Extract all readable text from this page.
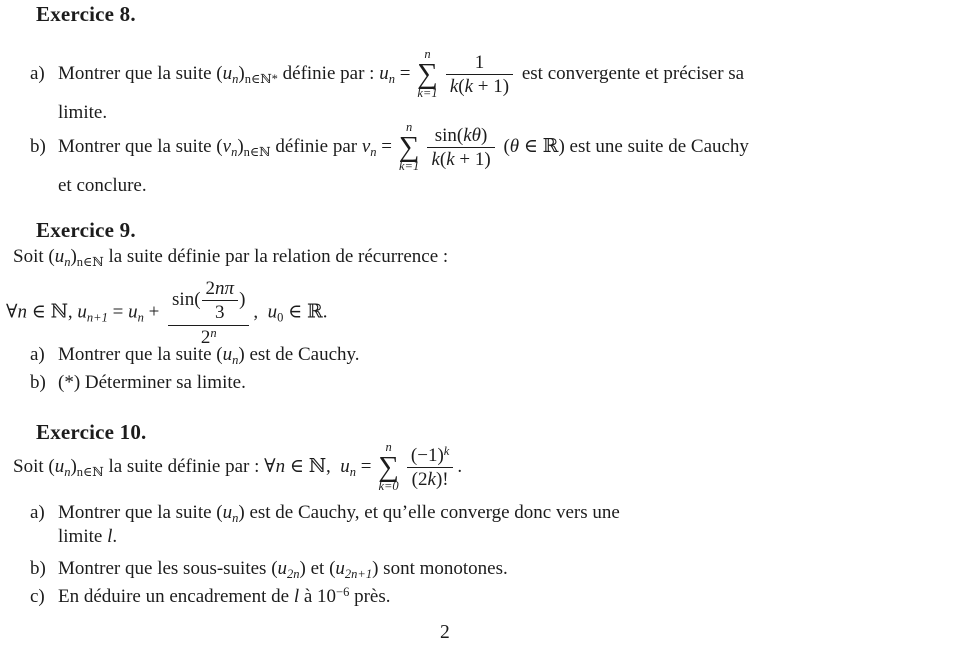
Exercice 8.
a) Montrer que la suite $(u_n)_{n\in ℕ*}$ définie par : $u_n$ =
n
∑
$k=1 \frac{1}{k(k + 1)}$ est convergente et préciser sa
limite.
b) Montrer que la suite $(v_n)_{n\in ℕ}$ définie par $v_n$ =
n
∑
$k=1 \frac{\sin(k\theta)}{k(k + 1)} (\theta$ ∈ ℝ) est une suite de Cauchy
et conclure.
Exercice 9.
Soit $(u_n)_{n\in ℕ}$ la suite définie par la relation de récurrence :
∀n ∈ ℕ, $u_{n+1} = u_n + \frac{\sin( \frac{2n\pi}{3} )}{2^n}$ ,  $u_0$ ∈ ℝ.
a) Montrer que la suite $(u_n)$ est de Cauchy.
b) (*) Déterminer sa limite.
Exercice 10.
Soit $(u_n)_{n\in ℕ}$ la suite définie par : ∀n ∈ ℕ,  $u_n$ =
n
∑
$k=0 \frac{(-1)^k}{(2k)!}$ .
a) Montrer que la suite $(u_n)$ est de Cauchy, et qu’elle converge donc vers une
limite l.
b) Montrer que les sous-suites $(u_{2n})$ et $(u_{2n+1})$ sont monotones.
c) En déduire un encadrement de l à $10^{-6}$ près.
2
